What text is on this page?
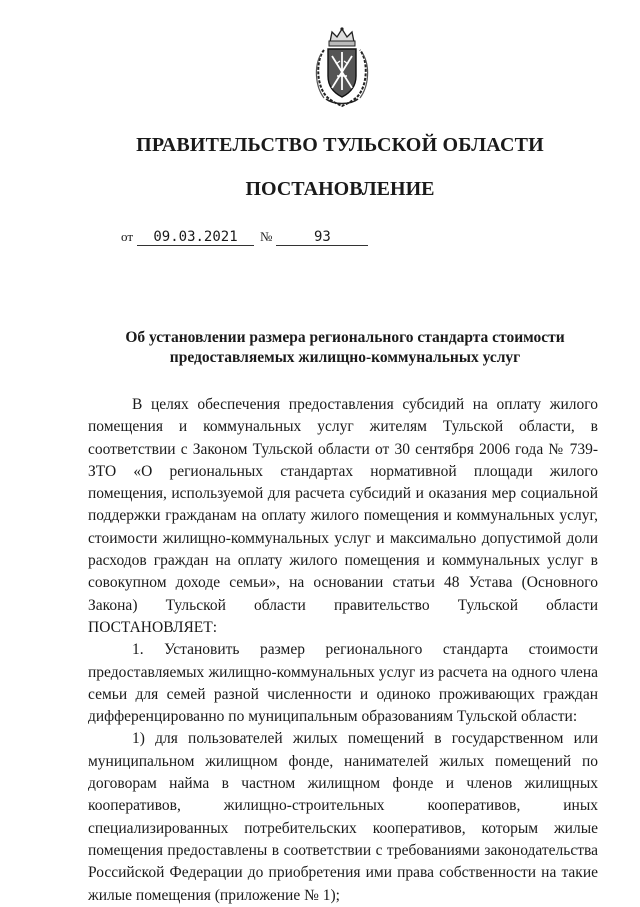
ПРАВИТЕЛЬСТВО ТУЛЬСКОЙ ОБЛАСТИ
ПОСТАНОВЛЕНИЕ
от 09.03.2021 №	93
Об установлении размера регионального стандарта стоимости
предоставляемых жилищно-коммунальных услуг

В целях обеспечения предоставления субсидий на оплату жилого помещения и коммунальных услуг жителям Тульской области, в соответствии с Законом Тульской области от 30 сентября 2006 года № 739-ЗТО «О региональных стандартах нормативной площади жилого помещения, используемой для расчета субсидий и оказания мер социальной поддержки гражданам на оплату жилого помещения и коммунальных услуг, стоимости жилищно-коммунальных услуг и максимально допустимой доли расходов граждан на оплату жилого помещения и коммунальных услуг в совокупном доходе семьи», на основании статьи 48 Устава (Основного Закона) Тульской области правительство Тульской области

ПОСТАНОВЛЯЕТ:

1. Установить размер регионального стандарта стоимости предоставляемых жилищно-коммунальных услуг из расчета на одного члена семьи для семей разной численности и одиноко проживающих граждан дифференцированно по муниципальным образованиям Тульской области:

1) для пользователей жилых помещений в государственном или муниципальном жилищном фонде, нанимателей жилых помещений по договорам найма в частном жилищном фонде и членов жилищных кооперативов, жилищно-строительных кооперативов, иных специализированных потребительских кооперативов, которым жилые помещения предоставлены в соответствии с требованиями законодательства Российской Федерации до приобретения ими права собственности на такие жилые помещения (приложение № 1);
